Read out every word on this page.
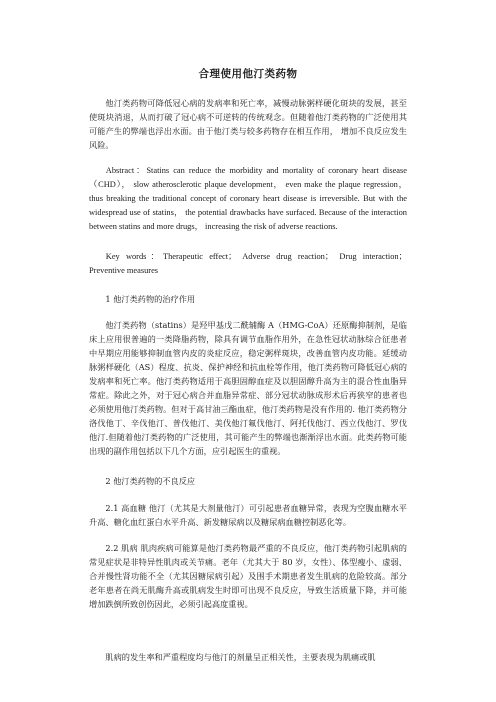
合理使用他汀类药物

他汀类药物可降低冠心病的发病率和死亡率，减慢动脉粥样硬化斑块的发展，甚至使斑块消退，从而打破了冠心病不可逆转的传统观念。但随着他汀类药物的广泛使用其可能产生的弊端也浮出水面。由于他汀类与较多药物存在相互作用， 增加不良反应发生风险。

Abstract：Statins can reduce the morbidity and mortality of coronary heart disease （CHD）， slow atherosclerotic plaque development， even make the plaque regression， thus breaking the traditional concept of coronary heart disease is irreversible. But with the widespread use of statins， the potential drawbacks have surfaced. Because of the interaction between statins and more drugs， increasing the risk of adverse reactions.

Key words：Therapeutic effect； Adverse drug reaction； Drug interaction； Preventive measures

1 他汀类药物的治疗作用

他汀类药物（statins）是羟甲基戊二酰辅酶 A（HMG-CoA）还原酶抑制剂，是临床上应用很普遍的一类降脂药物，除具有调节血脂作用外，在急性冠状动脉综合征患者中早期应用能够抑制血管内皮的炎症反应，稳定粥样斑块，改善血管内皮功能。延缓动脉粥样硬化（AS）程度、抗炎、保护神经和抗血栓等作用，他汀类药物可降低冠心病的发病率和死亡率。他汀类药物适用于高胆固醇血症及以胆固醇升高为主的混合性血脂异常症。除此之外，对于冠心病合并血脂异常症、部分冠状动脉成形术后再狭窄的患者也必须使用他汀类药物。但对于高甘油三酯血症，他汀类药物是没有作用的. 他汀类药物分洛伐他丁、辛伐他汀、普伐他汀、美伐他汀氟伐他汀、阿托伐他汀、西立伐他汀、罗伐他汀.但随着他汀类药物的广泛使用，其可能产生的弊端也渐渐浮出水面。此类药物可能出现的副作用包括以下几个方面，应引起医生的重视。

2 他汀类药物的不良反应

2.1 高血糖 他汀（尤其是大剂量他汀）可引起患者血糖异常，表现为空腹血糖水平升高、糖化血红蛋白水平升高、新发糖尿病以及糖尿病血糖控制恶化等。

2.2 肌病 肌肉疾病可能算是他汀类药物最严重的不良反应，他汀类药物引起肌病的常见症状是非特异性肌肉或关节痛。老年（尤其大于 80 岁，女性）、体型瘦小、虚弱、合并慢性肾功能不全（尤其因糖尿病引起）及围手术期患者发生肌病的危险较高。部分老年患者在尚无肌酶升高或肌病发生时即可出现不良反应，导致生活质量下降，并可能增加跌倒所致创伤因此，必须引起高度重视。

肌病的发生率和严重程度均与他汀的剂量呈正相关性，主要表现为肌痛或肌
